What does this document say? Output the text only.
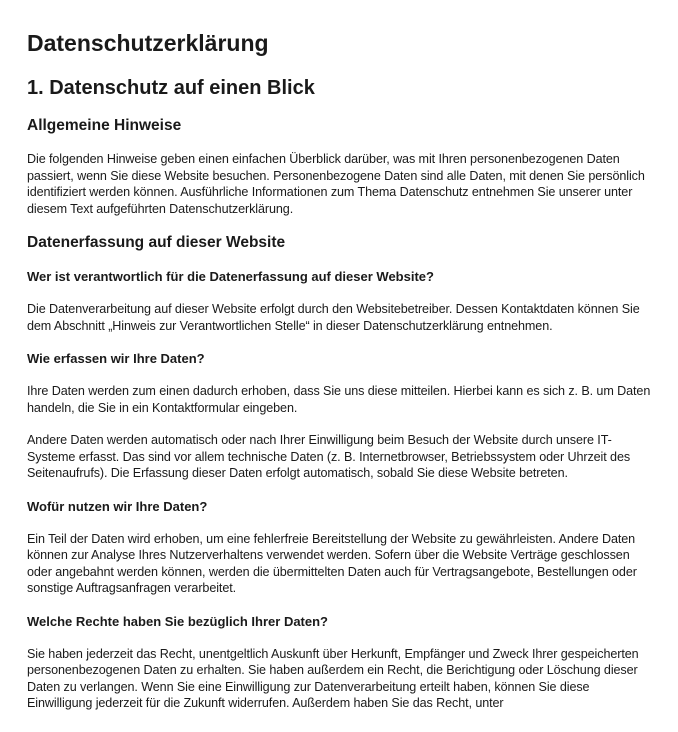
Datenschutzerklärung
1. Datenschutz auf einen Blick
Allgemeine Hinweise

Die folgenden Hinweise geben einen einfachen Überblick darüber, was mit Ihren personenbezogenen Daten passiert, wenn Sie diese Website besuchen. Personenbezogene Daten sind alle Daten, mit denen Sie persönlich identifiziert werden können. Ausführliche Informationen zum Thema Datenschutz entnehmen Sie unserer unter diesem Text aufgeführten Datenschutzerklärung.

Datenerfassung auf dieser Website
Wer ist verantwortlich für die Datenerfassung auf dieser Website?

Die Datenverarbeitung auf dieser Website erfolgt durch den Websitebetreiber. Dessen Kontaktdaten können Sie dem Abschnitt „Hinweis zur Verantwortlichen Stelle“ in dieser Datenschutzerklärung entnehmen.

Wie erfassen wir Ihre Daten?

Ihre Daten werden zum einen dadurch erhoben, dass Sie uns diese mitteilen. Hierbei kann es sich z. B. um Daten handeln, die Sie in ein Kontaktformular eingeben.

Andere Daten werden automatisch oder nach Ihrer Einwilligung beim Besuch der Website durch unsere IT-Systeme erfasst. Das sind vor allem technische Daten (z. B. Internetbrowser, Betriebssystem oder Uhrzeit des Seitenaufrufs). Die Erfassung dieser Daten erfolgt automatisch, sobald Sie diese Website betreten.

Wofür nutzen wir Ihre Daten?

Ein Teil der Daten wird erhoben, um eine fehlerfreie Bereitstellung der Website zu gewährleisten. Andere Daten können zur Analyse Ihres Nutzerverhaltens verwendet werden. Sofern über die Website Verträge geschlossen oder angebahnt werden können, werden die übermittelten Daten auch für Vertragsangebote, Bestellungen oder sonstige Auftragsanfragen verarbeitet.

Welche Rechte haben Sie bezüglich Ihrer Daten?

Sie haben jederzeit das Recht, unentgeltlich Auskunft über Herkunft, Empfänger und Zweck Ihrer gespeicherten personenbezogenen Daten zu erhalten. Sie haben außerdem ein Recht, die Berichtigung oder Löschung dieser Daten zu verlangen. Wenn Sie eine Einwilligung zur Datenverarbeitung erteilt haben, können Sie diese Einwilligung jederzeit für die Zukunft widerrufen. Außerdem haben Sie das Recht, unter
